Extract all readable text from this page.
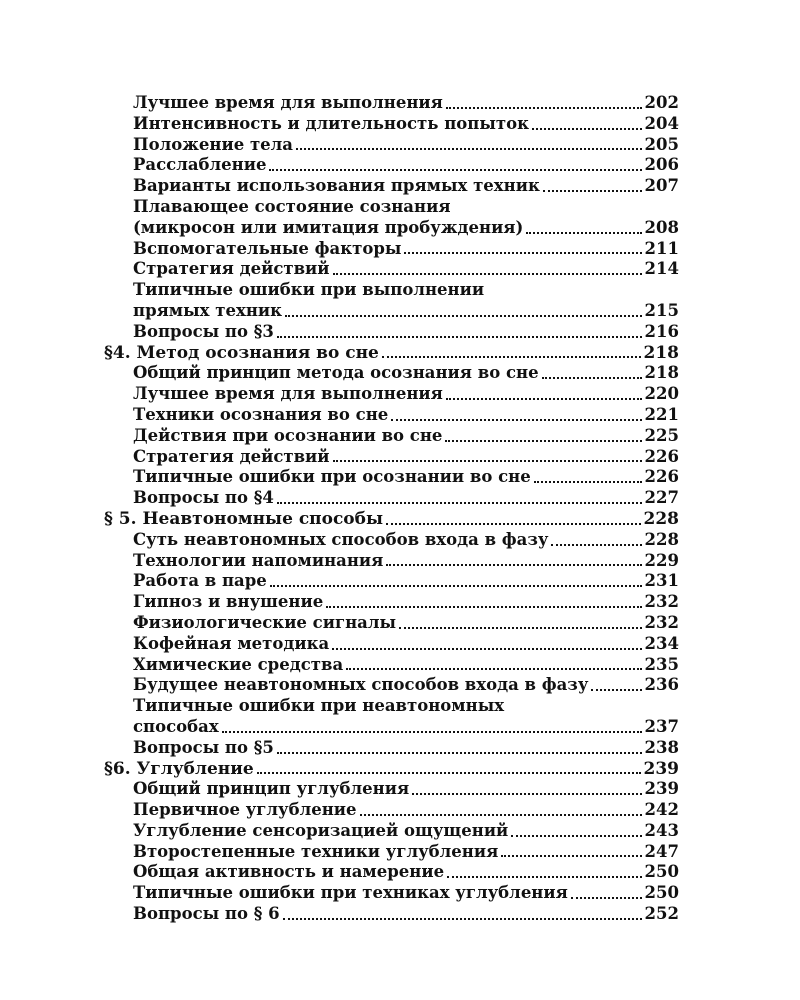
Лучшее время для выполнения	202
Интенсивность и длительность попыток	204
Положение тела	205
Расслабление	206
Варианты использования прямых техник	207
Плавающее состояние сознания
(микросон или имитация пробуждения)	208
Вспомогательные факторы	211
Стратегия действий	214
Типичные ошибки при выполнении
прямых техник	215
Вопросы по §3	216
§4. Метод осознания во сне	218
Общий принцип метода осознания во сне	218
Лучшее время для выполнения	220
Техники осознания во сне	221
Действия при осознании во сне	225
Стратегия действий	226
Типичные ошибки при осознании во сне	226
Вопросы по §4	227
§ 5. Неавтономные способы	228
Суть неавтономных способов входа в фазу	228
Технологии напоминания	229
Работа в паре	231
Гипноз и внушение	232
Физиологические сигналы	232
Кофейная методика	234
Химические средства	235
Будущее неавтономных способов входа в фазу	236
Типичные ошибки при неавтономных
способах	237
Вопросы по §5	238
§6. Углубление	239
Общий принцип углубления	239
Первичное углубление	242
Углубление сенсоризацией ощущений	243
Второстепенные техники углубления	247
Общая активность и намерение	250
Типичные ошибки при техниках углубления	250
Вопросы по § 6	252
